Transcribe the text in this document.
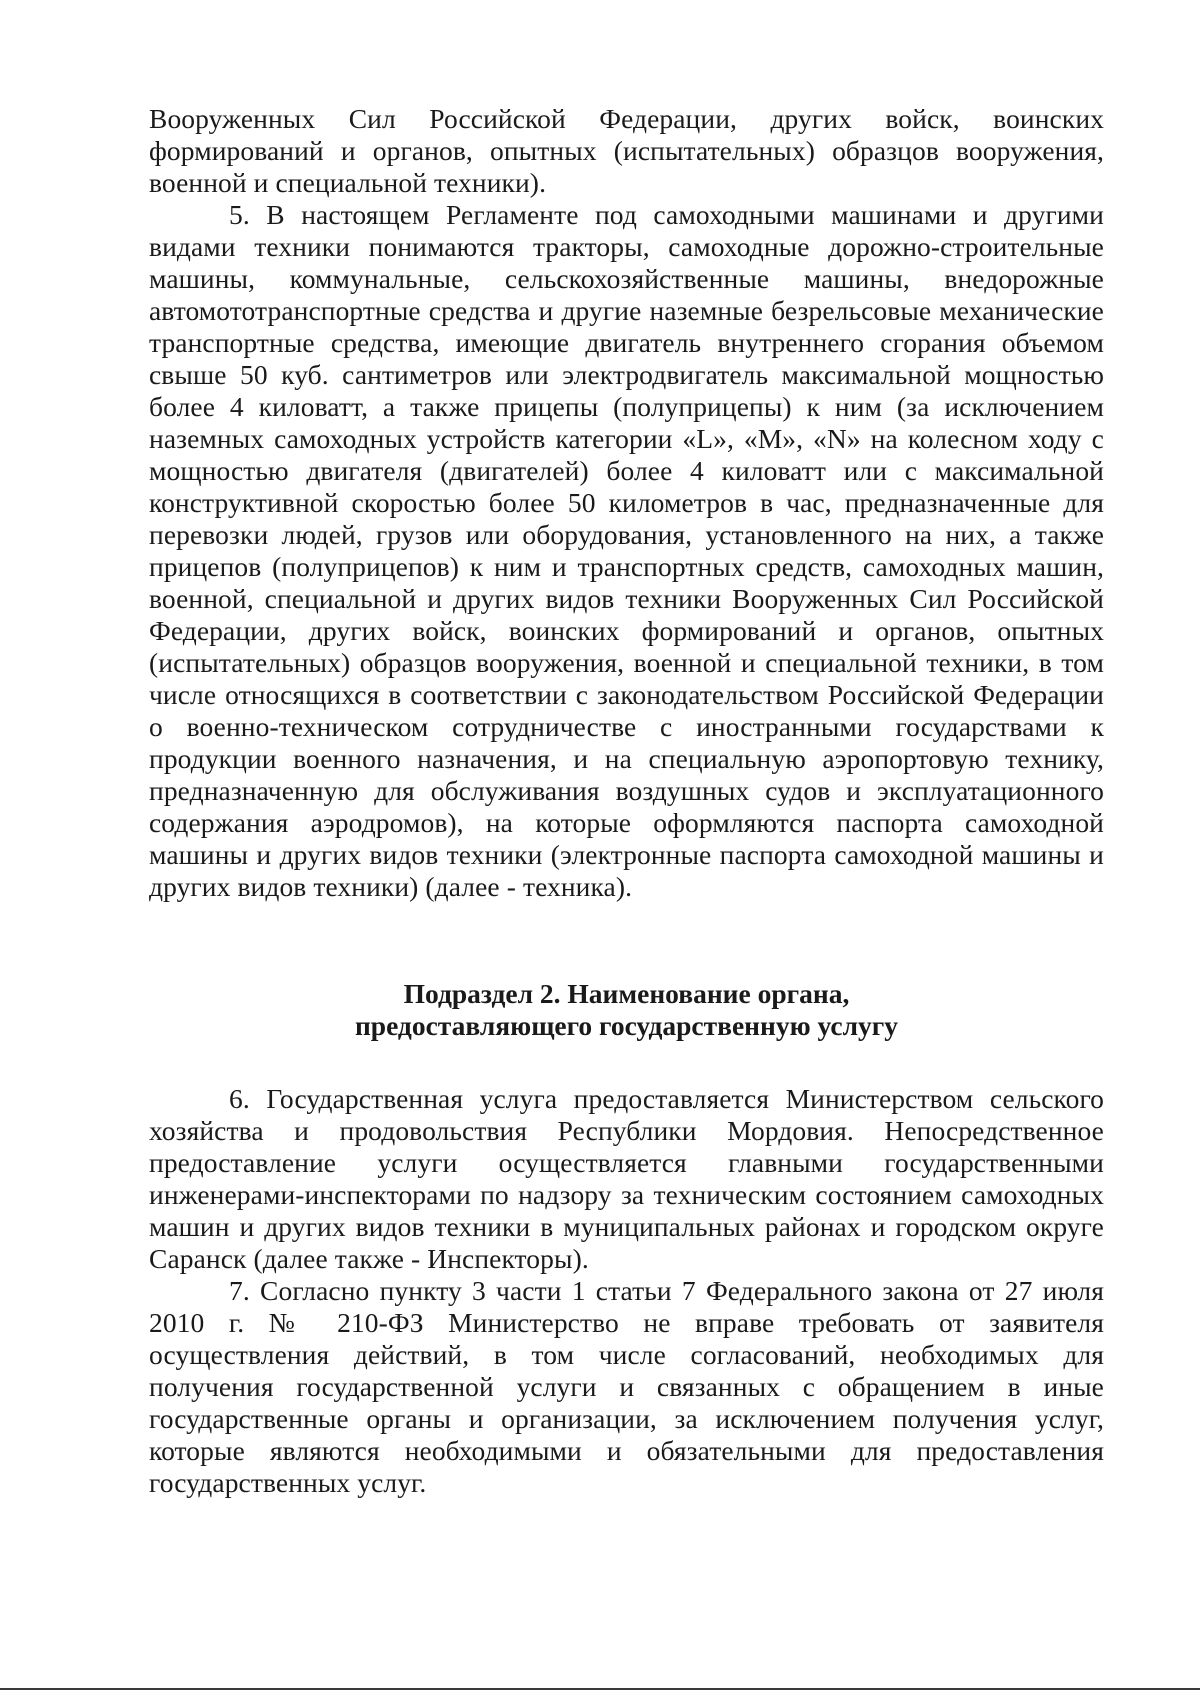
Вооруженных Сил Российской Федерации, других войск, воинских формирований и органов, опытных (испытательных) образцов вооружения, военной и специальной техники).

5. В настоящем Регламенте под самоходными машинами и другими видами техники понимаются тракторы, самоходные дорожно-строительные машины, коммунальные, сельскохозяйственные машины, внедорожные автомототранспортные средства и другие наземные безрельсовые механические транспортные средства, имеющие двигатель внутреннего сгорания объемом свыше 50 куб. сантиметров или электродвигатель максимальной мощностью более 4 киловатт, а также прицепы (полуприцепы) к ним (за исключением наземных самоходных устройств категории «L», «M», «N» на колесном ходу с мощностью двигателя (двигателей) более 4 киловатт или с максимальной конструктивной скоростью более 50 километров в час, предназначенные для перевозки людей, грузов или оборудования, установленного на них, а также прицепов (полуприцепов) к ним и транспортных средств, самоходных машин, военной, специальной и других видов техники Вооруженных Сил Российской Федерации, других войск, воинских формирований и органов, опытных (испытательных) образцов вооружения, военной и специальной техники, в том числе относящихся в соответствии с законодательством Российской Федерации о военно-техническом сотрудничестве с иностранными государствами к продукции военного назначения, и на специальную аэропортовую технику, предназначенную для обслуживания воздушных судов и эксплуатационного содержания аэродромов), на которые оформляются паспорта самоходной машины и других видов техники (электронные паспорта самоходной машины и других видов техники) (далее - техника).

Подраздел 2. Наименование органа,
предоставляющего государственную услугу

6. Государственная услуга предоставляется Министерством сельского хозяйства и продовольствия Республики Мордовия. Непосредственное предоставление услуги осуществляется главными государственными инженерами-инспекторами по надзору за техническим состоянием самоходных машин и других видов техники в муниципальных районах и городском округе Саранск (далее также - Инспекторы).

7. Согласно пункту 3 части 1 статьи 7 Федерального закона от 27 июля 2010 г. № 210-ФЗ Министерство не вправе требовать от заявителя осуществления действий, в том числе согласований, необходимых для получения государственной услуги и связанных с обращением в иные государственные органы и организации, за исключением получения услуг, которые являются необходимыми и обязательными для предоставления государственных услуг.
